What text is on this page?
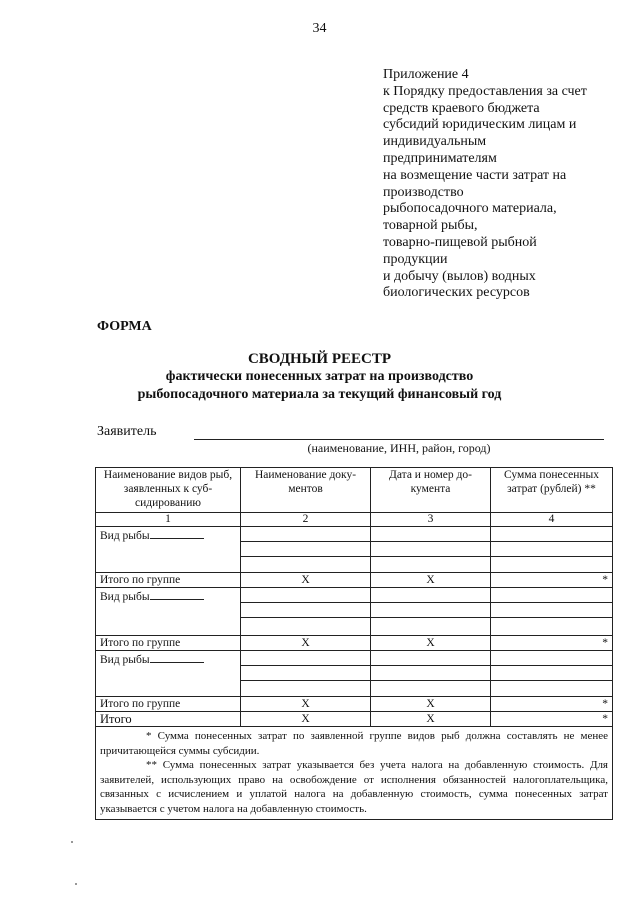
34
Приложение 4
к Порядку предоставления за счет
средств краевого бюджета
субсидий юридическим лицам и
индивидуальным
предпринимателям
на возмещение части затрат на
производство
рыбопосадочного материала,
товарной рыбы,
товарно-пищевой рыбной
продукции
и добычу (вылов) водных
биологических ресурсов
ФОРМА
СВОДНЫЙ РЕЕСТР
фактически понесенных затрат на производство
рыбопосадочного материала за текущий финансовый год
Заявитель
(наименование, ИНН, район, город)
Наименование видов рыб, заявленных к суб-сидированию	Наименование доку-ментов	Дата и номер до-кумента	Сумма понесенных затрат (рублей) **
1	2	3	4
Вид рыбы			

Итого по группе	X	X	*
Вид рыбы			

Итого по группе	X	X	*
Вид рыбы			

Итого по группе	X	X	*
Итого	X	X	*

* Сумма понесенных затрат по заявленной группе видов рыб должна составлять не менее причитающейся суммы субсидии.

** Сумма понесенных затрат указывается без учета налога на добавленную стоимость. Для заявителей, использующих право на освобождение от исполнения обязанностей налогоплательщика, связанных с исчислением и уплатой налога на добавленную стоимость, сумма понесенных затрат указывается с учетом налога на добавленную стоимость.			
